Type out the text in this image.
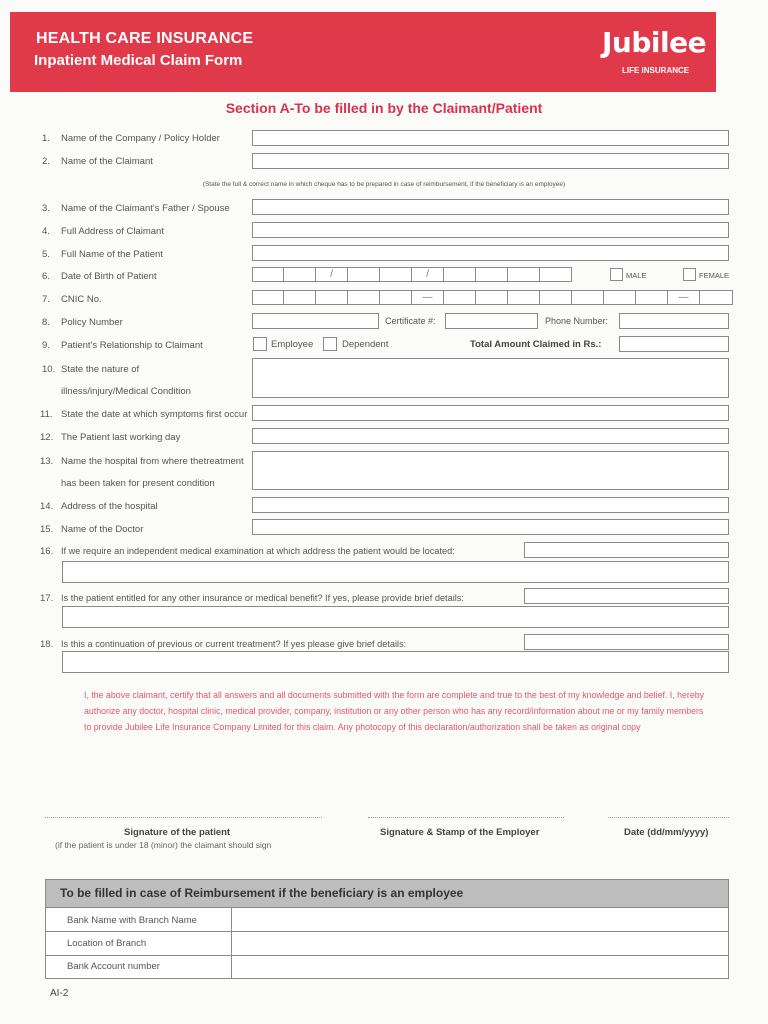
HEALTH CARE INSURANCE
Inpatient Medical Claim Form
Jubilee
LIFE INSURANCE
Section A-To be filled in by the Claimant/Patient
1. Name of the Company / Policy Holder
2. Name of the Claimant
(State the full & correct name in which cheque has to be prepared in case of reimbursement, if the beneficiary is an employee)
3. Name of the Claimant's Father / Spouse
4. Full Address of Claimant
5. Full Name of the Patient
6. Date of Birth of Patient	/	/	MALE	FEMALE
7. CNIC No.	—	—
8. Policy Number	Certificate #:	Phone Number:
9. Patient's Relationship to Claimant	Employee	Dependent	Total Amount Claimed in Rs.:
10. State the nature of
illness/injury/Medical Condition
11. State the date at which symptoms first occur
12. The Patient last working day
13. Name the hospital from where thetreatment
has been taken for present condition
14. Address of the hospital
15. Name of the Doctor
16. If we require an independent medical examination at which address the patient would be located:
17. Is the patient entitled for any other insurance or medical benefit? If yes, please provide brief details:
18. Is this a continuation of previous or current treatment? If yes please give brief details:
I, the above claimant, certify that all answers and all documents submitted with the form are complete and true to the best of my knowledge and belief. I, hereby authorize any doctor, hospital clinic, medical provider, company, institution or any other person who has any record/information about me or my family members to provide Jubilee Life Insurance Company Limited for this claim. Any photocopy of this declaration/authorization shall be taken as original copy
Signature of the patient
(if the patient is under 18 (minor) the claimant should sign
Signature & Stamp of the Employer	Date (dd/mm/yyyy)
To be filled in case of Reimbursement if the beneficiary is an employee
Bank Name with Branch Name
Location of Branch
Bank Account number
AI-2
